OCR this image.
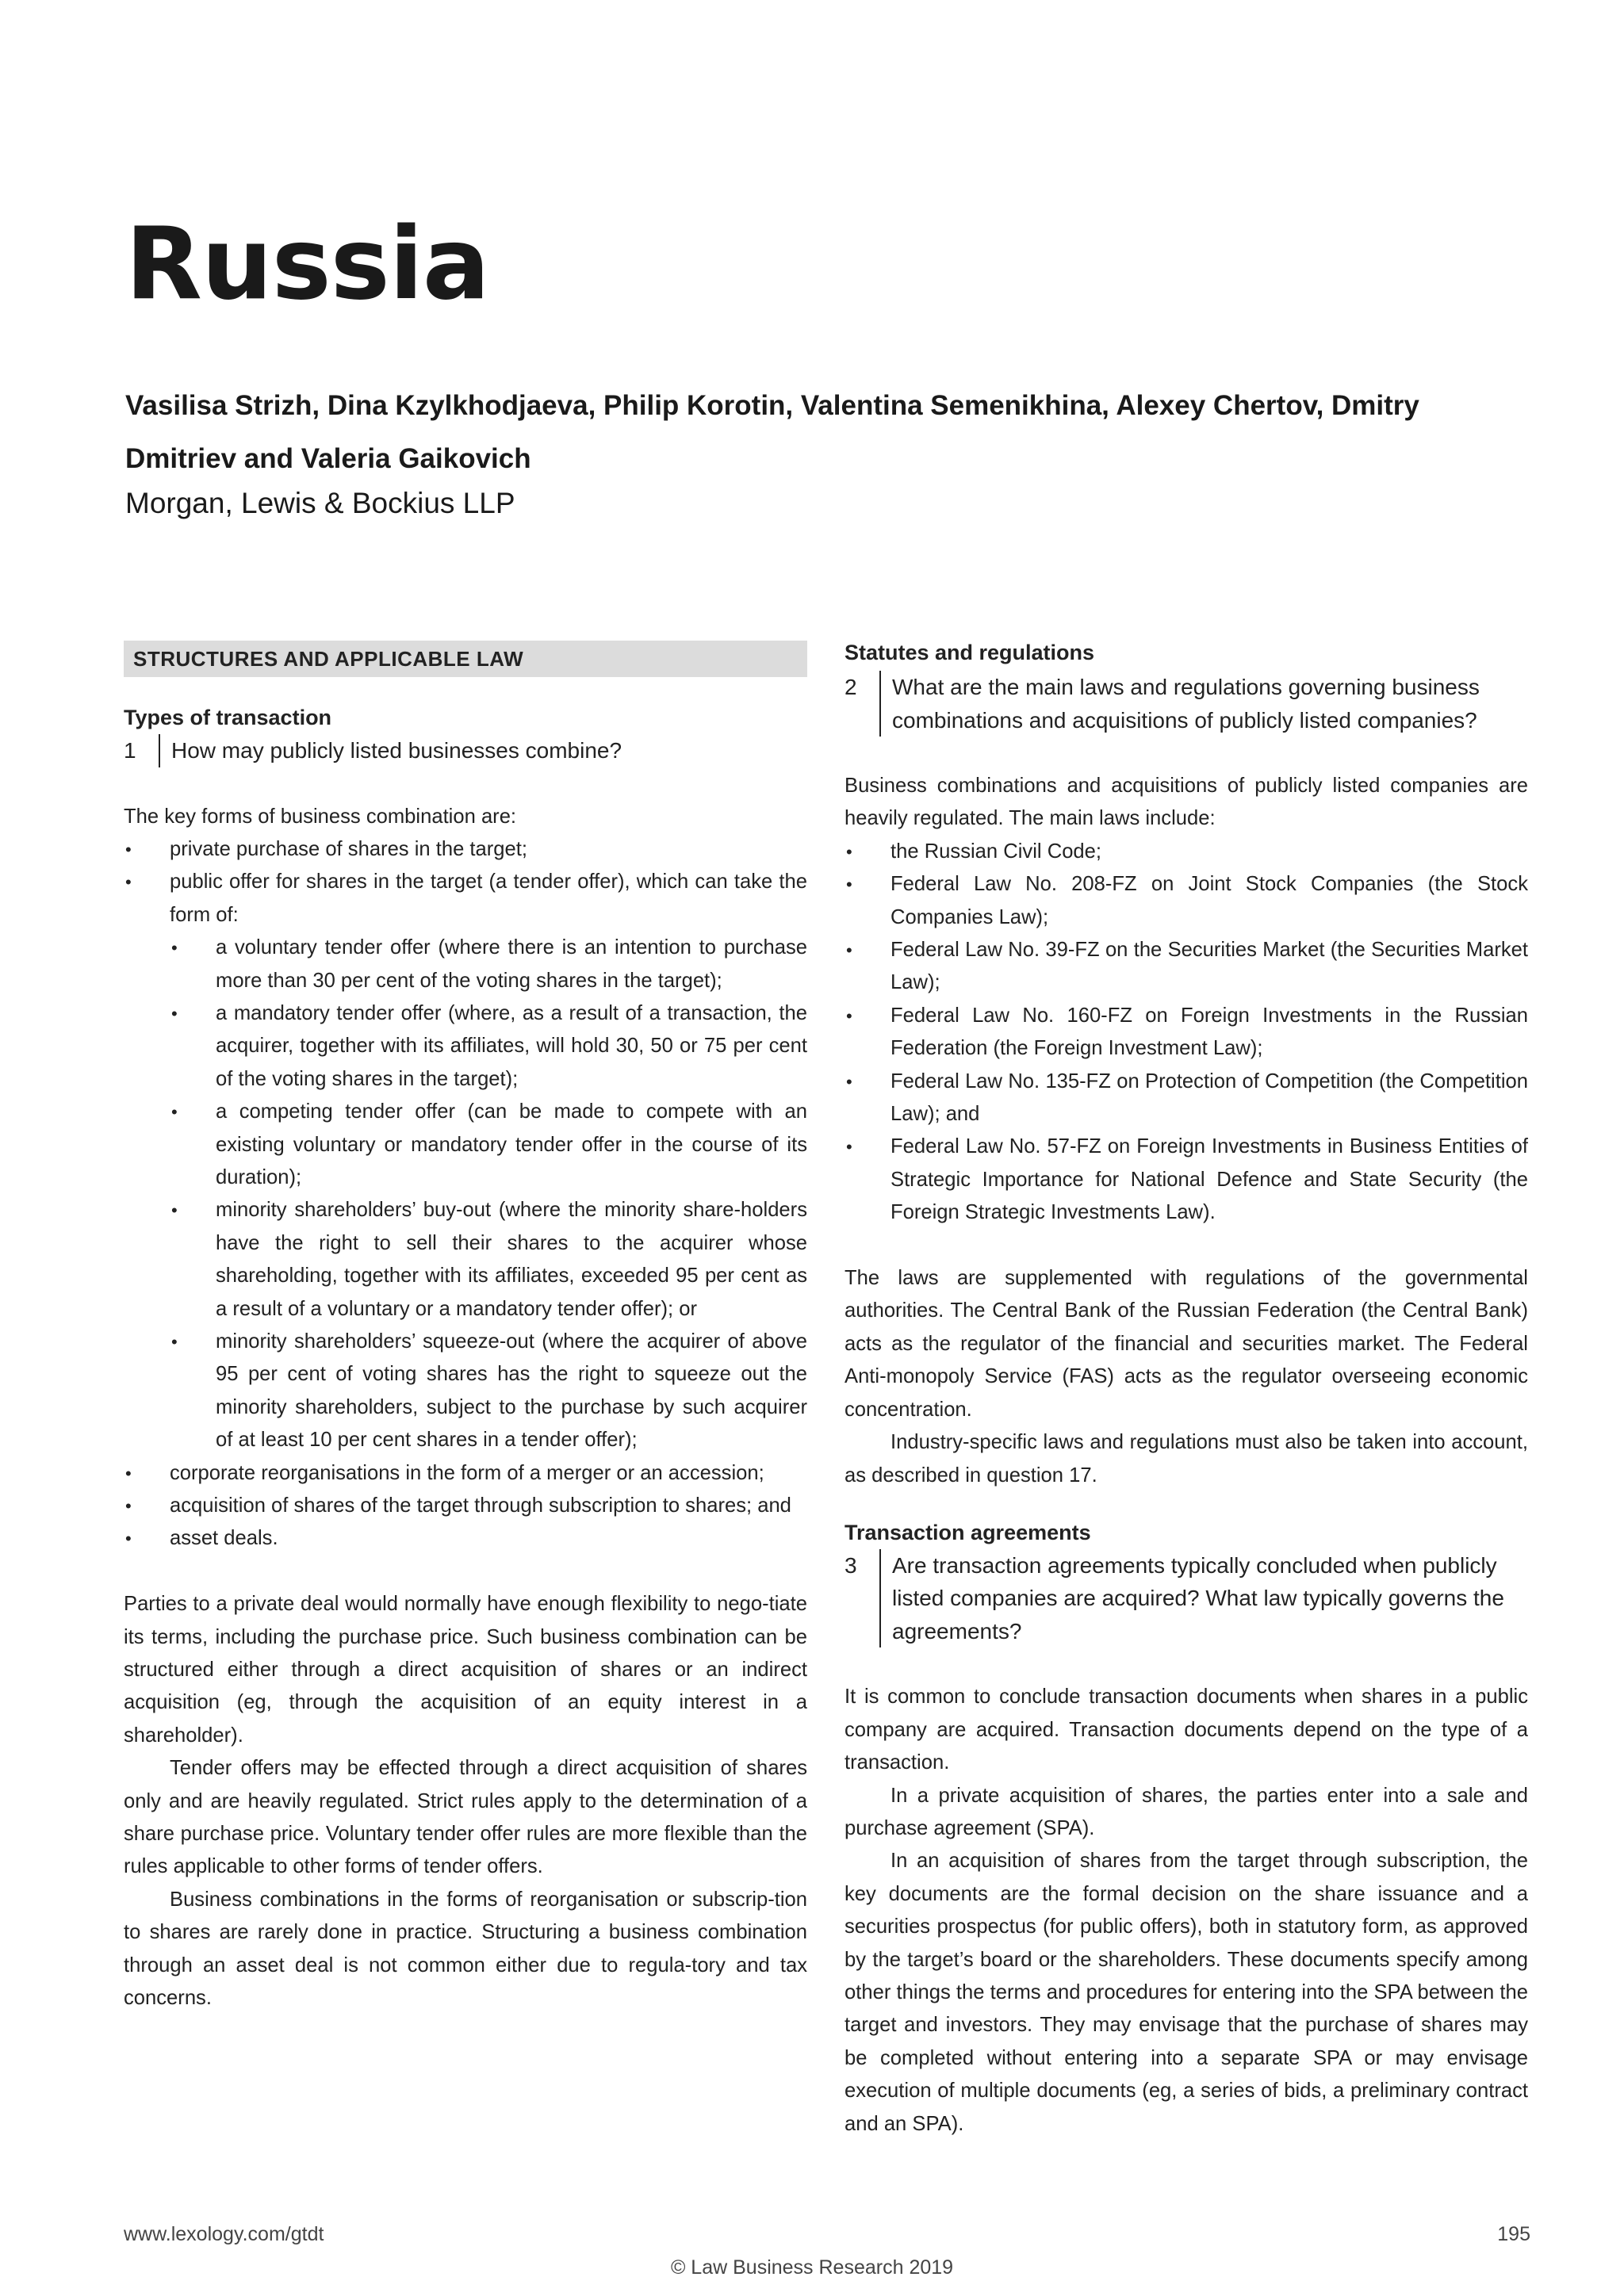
Russia
Vasilisa Strizh, Dina Kzylkhodjaeva, Philip Korotin, Valentina Semenikhina, Alexey Chertov, Dmitry Dmitriev and Valeria Gaikovich
Morgan, Lewis & Bockius LLP
STRUCTURES AND APPLICABLE LAW
Types of transaction
1	How may publicly listed businesses combine?

The key forms of business combination are:

• private purchase of shares in the target;
• public offer for shares in the target (a tender offer), which can take the form of:
• a voluntary tender offer (where there is an intention to purchase more than 30 per cent of the voting shares in the target);
• a mandatory tender offer (where, as a result of a transaction, the acquirer, together with its affiliates, will hold 30, 50 or 75 per cent of the voting shares in the target);
• a competing tender offer (can be made to compete with an existing voluntary or mandatory tender offer in the course of its duration);
• minority shareholders’ buy-out (where the minority share-holders have the right to sell their shares to the acquirer whose shareholding, together with its affiliates, exceeded 95 per cent as a result of a voluntary or a mandatory tender offer); or
• minority shareholders’ squeeze-out (where the acquirer of above 95 per cent of voting shares has the right to squeeze out the minority shareholders, subject to the purchase by such acquirer of at least 10 per cent shares in a tender offer);
• corporate reorganisations in the form of a merger or an accession;
• acquisition of shares of the target through subscription to shares; and
• asset deals.

Parties to a private deal would normally have enough flexibility to nego-tiate its terms, including the purchase price. Such business combination can be structured either through a direct acquisition of shares or an indirect acquisition (eg, through the acquisition of an equity interest in a shareholder).

Tender offers may be effected through a direct acquisition of shares only and are heavily regulated. Strict rules apply to the determination of a share purchase price. Voluntary tender offer rules are more flexible than the rules applicable to other forms of tender offers.

Business combinations in the forms of reorganisation or subscrip-tion to shares are rarely done in practice. Structuring a business combination through an asset deal is not common either due to regula-tory and tax concerns.

Statutes and regulations
2	What are the main laws and regulations governing business combinations and acquisitions of publicly listed companies?

Business combinations and acquisitions of publicly listed companies are heavily regulated. The main laws include:

• the Russian Civil Code;
• Federal Law No. 208-FZ on Joint Stock Companies (the Stock Companies Law);
• Federal Law No. 39-FZ on the Securities Market (the Securities Market Law);
• Federal Law No. 160-FZ on Foreign Investments in the Russian Federation (the Foreign Investment Law);
• Federal Law No. 135-FZ on Protection of Competition (the Competition Law); and
• Federal Law No. 57-FZ on Foreign Investments in Business Entities of Strategic Importance for National Defence and State Security (the Foreign Strategic Investments Law).

The laws are supplemented with regulations of the governmental authorities. The Central Bank of the Russian Federation (the Central Bank) acts as the regulator of the financial and securities market. The Federal Anti-monopoly Service (FAS) acts as the regulator overseeing economic concentration.

Industry-specific laws and regulations must also be taken into account, as described in question 17.

Transaction agreements
3	Are transaction agreements typically concluded when publicly listed companies are acquired? What law typically governs the agreements?

It is common to conclude transaction documents when shares in a public company are acquired. Transaction documents depend on the type of a transaction.

In a private acquisition of shares, the parties enter into a sale and purchase agreement (SPA).

In an acquisition of shares from the target through subscription, the key documents are the formal decision on the share issuance and a securities prospectus (for public offers), both in statutory form, as approved by the target’s board or the shareholders. These documents specify among other things the terms and procedures for entering into the SPA between the target and investors. They may envisage that the purchase of shares may be completed without entering into a separate SPA or may envisage execution of multiple documents (eg, a series of bids, a preliminary contract and an SPA).

www.lexology.com/gtdt	195
© Law Business Research 2019
